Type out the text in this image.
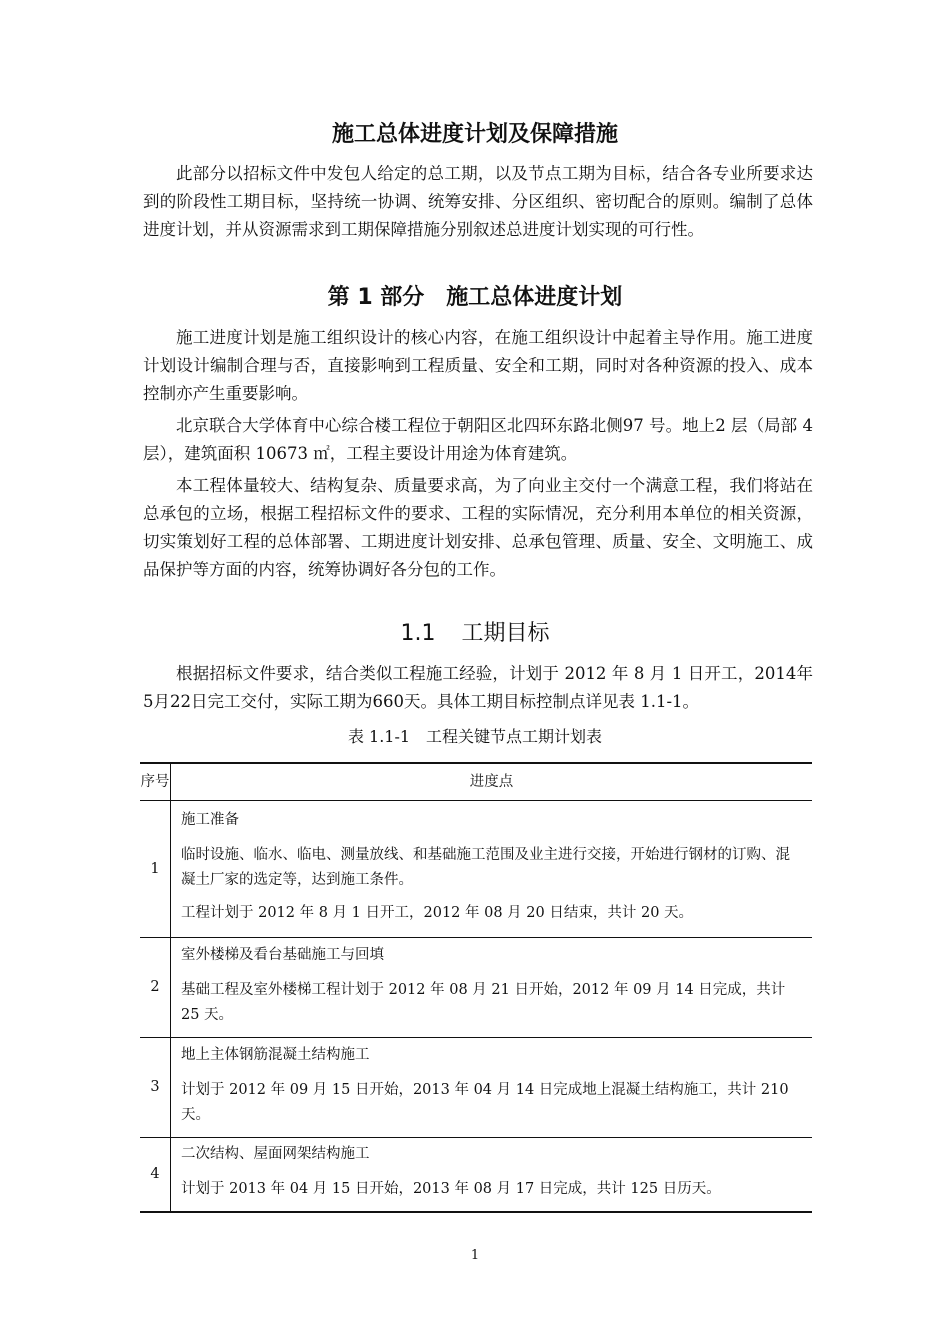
施工总体进度计划及保障措施

此部分以招标文件中发包人给定的总工期，以及节点工期为目标，结合各专业所要求达到的阶段性工期目标，坚持统一协调、统筹安排、分区组织、密切配合的原则。编制了总体进度计划，并从资源需求到工期保障措施分别叙述总进度计划实现的可行性。

第 1 部分　施工总体进度计划

施工进度计划是施工组织设计的核心内容，在施工组织设计中起着主导作用。施工进度计划设计编制合理与否，直接影响到工程质量、安全和工期，同时对各种资源的投入、成本控制亦产生重要影响。

北京联合大学体育中心综合楼工程位于朝阳区北四环东路北侧97 号。地上2 层（局部 4 层），建筑面积 10673 ㎡，工程主要设计用途为体育建筑。

本工程体量较大、结构复杂、质量要求高，为了向业主交付一个满意工程，我们将站在总承包的立场，根据工程招标文件的要求、工程的实际情况，充分利用本单位的相关资源，切实策划好工程的总体部署、工期进度计划安排、总承包管理、质量、安全、文明施工、成品保护等方面的内容，统筹协调好各分包的工作。

1.1 工期目标

根据招标文件要求，结合类似工程施工经验，计划于 2012 年 8 月 1 日开工，2014年5月22日完工交付，实际工期为660天。具体工期目标控制点详见表 1.1-1。

表 1.1-1　工程关键节点工期计划表

序号	进度点
1	施工准备

临时设施、临水、临电、测量放线、和基础施工范围及业主进行交接，开始进行钢材的订购、混凝土厂家的选定等，达到施工条件。

工程计划于 2012 年 8 月 1 日开工，2012 年 08 月 20 日结束，共计 20 天。

2	室外楼梯及看台基础施工与回填

基础工程及室外楼梯工程计划于 2012 年 08 月 21 日开始，2012 年 09 月 14 日完成，共计 25 天。

3	地上主体钢筋混凝土结构施工

计划于 2012 年 09 月 15 日开始，2013 年 04 月 14 日完成地上混凝土结构施工，共计 210 天。

4	二次结构、屋面网架结构施工

计划于 2013 年 04 月 15 日开始，2013 年 08 月 17 日完成，共计 125 日历天。

1
